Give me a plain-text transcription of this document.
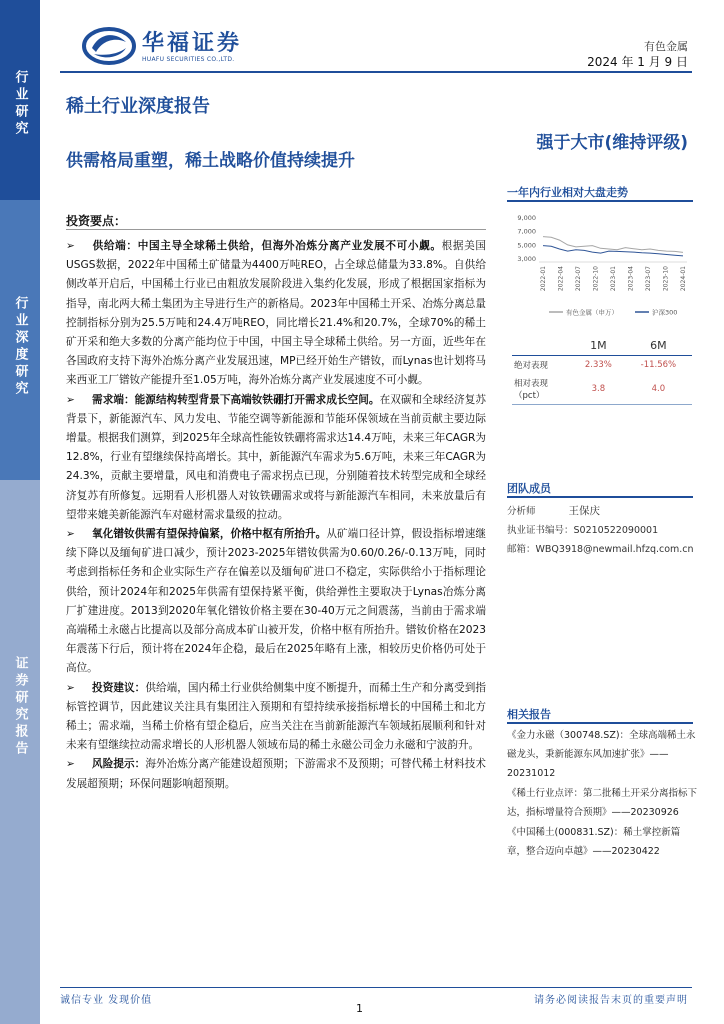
行业研究
行业深度研究
证券研究报告
华福证券
HUAFU SECURITIES CO.,LTD.
有色金属
2024 年 1 月 9 日
稀土行业深度报告
强于大市(维持评级)
供需格局重塑，稀土战略价值持续提升
投资要点：

➢ 供给端：中国主导全球稀土供给，但海外冶炼分离产业发展不可小觑。根据美国USGS数据，2022年中国稀土矿储量为4400万吨REO，占全球总储量为33.8%。自供给侧改革开启后，中国稀土行业已由粗放发展阶段进入集约化发展，形成了根据国家指标为指导，南北两大稀土集团为主导进行生产的新格局。2023年中国稀土开采、冶炼分离总量控制指标分别为25.5万吨和24.4万吨REO，同比增长21.4%和20.7%，全球70%的稀土矿开采和绝大多数的分离产能均位于中国，中国主导全球稀土供给。另一方面，近些年在各国政府支持下海外冶炼分离产业发展迅速，MP已经开始生产镨钕，而Lynas也计划将马来西亚工厂镨钕产能提升至1.05万吨，海外冶炼分离产业发展速度不可小觑。

➢ 需求端：能源结构转型背景下高端钕铁硼打开需求成长空间。在双碳和全球经济复苏背景下，新能源汽车、风力发电、节能空调等新能源和节能环保领域在当前贡献主要边际增量。根据我们测算，到2025年全球高性能钕铁硼将需求达14.4万吨，未来三年CAGR为12.8%，行业有望继续保持高增长。其中，新能源汽车需求为5.6万吨，未来三年CAGR为24.3%，贡献主要增量，风电和消费电子需求拐点已现，分别随着技术转型完成和全球经济复苏有所修复。远期看人形机器人对钕铁硼需求或将与新能源汽车相同，未来放量后有望带来媲美新能源汽车对磁材需求量级的拉动。

➢ 氧化镨钕供需有望保持偏紧，价格中枢有所抬升。从矿端口径计算，假设指标增速继续下降以及缅甸矿进口减少，预计2023-2025年镨钕供需为0.60/0.26/-0.13万吨，同时考虑到指标任务和企业实际生产存在偏差以及缅甸矿进口不稳定，实际供给小于指标理论供给，预计2024年和2025年供需有望保持紧平衡，供给弹性主要取决于Lynas冶炼分离厂扩建进度。2013到2020年氧化镨钕价格主要在30-40万元之间震荡，当前由于需求端高端稀土永磁占比提高以及部分高成本矿山被开发，价格中枢有所抬升。镨钕价格在2023年震荡下行后，预计将在2024年企稳，最后在2025年略有上涨，相较历史价格仍可处于高位。

➢ 投资建议：供给端，国内稀土行业供给侧集中度不断提升，而稀土生产和分离受到指标管控调节，因此建议关注具有集团注入预期和有望持续承接指标增长的中国稀土和北方稀土；需求端，当稀土价格有望企稳后，应当关注在当前新能源汽车领域拓展顺利和针对未来有望继续拉动需求增长的人形机器人领域布局的稀土永磁公司金力永磁和宁波韵升。

➢ 风险提示：海外冶炼分离产能建设超预期；下游需求不及预期；可替代稀土材料技术发展超预期；环保问题影响超预期。

一年内行业相对大盘走势
9,000
7,000
5,000
3,000
2022-01 2022-04 2022-07 2022-10 2023-01 2023-04 2023-07 2023-10 2024-01
有色金属（申万）	沪深300
	1M	6M
绝对表现	2.33%	-11.56%
相对表现（pct）	3.8	4.0
团队成员
分析师	王保庆
执业证书编号：S0210522090001
邮箱：WBQ3918@newmail.hfzq.com.cn
相关报告
《金力永磁（300748.SZ)：全球高端稀土永磁龙头，秉新能源东风加速扩张》——20231012
《稀土行业点评：第二批稀土开采分离指标下达，指标增量符合预期》——20230926
《中国稀土(000831.SZ)：稀土掌控新篇章，整合迈向卓越》——20230422
诚信专业 发现价值
1
请务必阅读报告末页的重要声明
